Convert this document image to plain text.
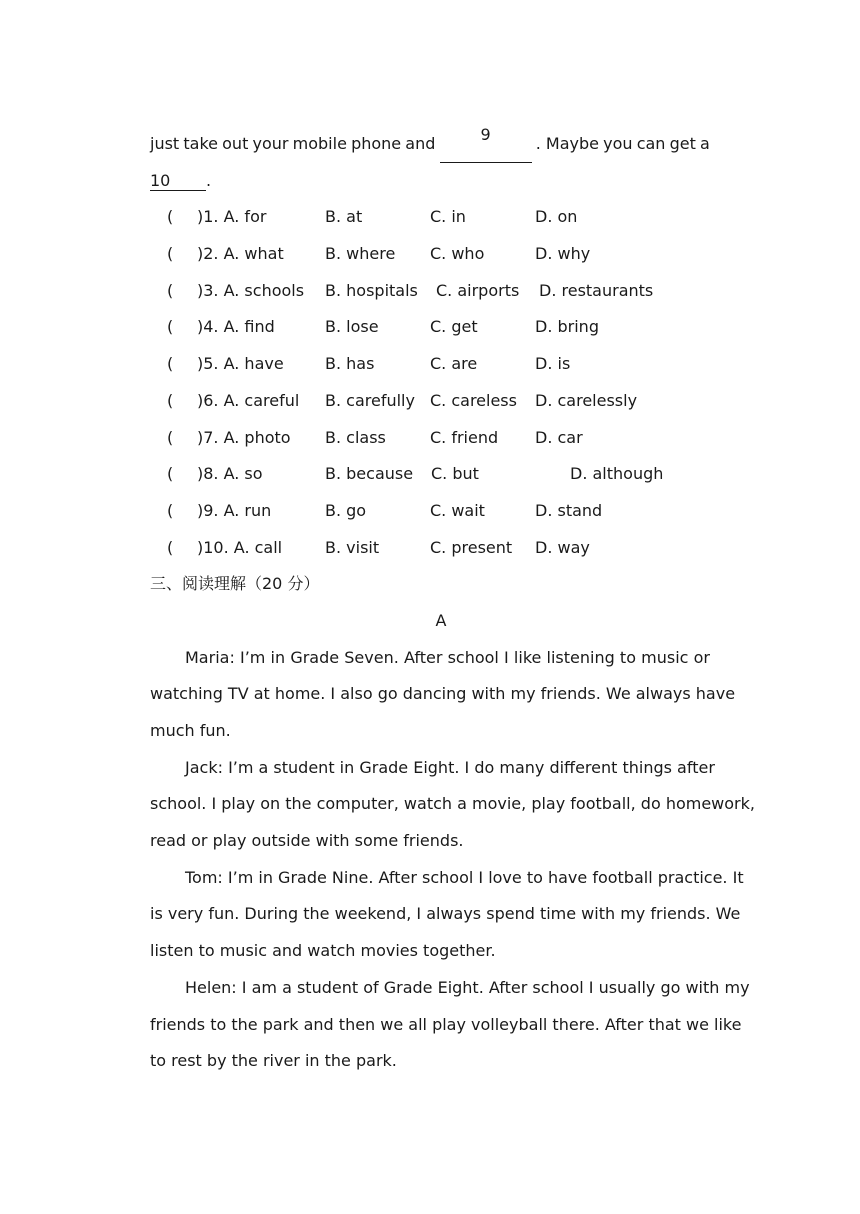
just take out your mobile phone and	9	. Maybe you can get a
10 .
( )1. A. for	B. at	C. in	D. on
( )2. A. what	B. where C. who	D. why
( )3. A. schools B. hospitals C. airports D. restaurants
( )4. A. find	B. lose	C. get	D. bring
( )5. A. have	B. has	C. are	D. is
( )6. A. careful B. carefully C. careless D. carelessly
( )7. A. photo B. class	C. friend D. car
( )8. A. so	B. because C. but	D. although
( )9. A. run	B. go	C. wait	D. stand
( )10. A. call	B. visit	C. present D. way
三、阅读理解（20 分）
A
Maria: I’m in Grade Seven. After school I like listening to music or
watching TV at home. I also go dancing with my friends. We always have
much fun.
Jack: I’m a student in Grade Eight. I do many different things after
school. I play on the computer, watch a movie, play football, do homework,
read or play outside with some friends.
Tom: I’m in Grade Nine. After school I love to have football practice. It
is very fun. During the weekend, I always spend time with my friends. We
listen to music and watch movies together.
Helen: I am a student of Grade Eight. After school I usually go with my
friends to the park and then we all play volleyball there. After that we like
to rest by the river in the park.
